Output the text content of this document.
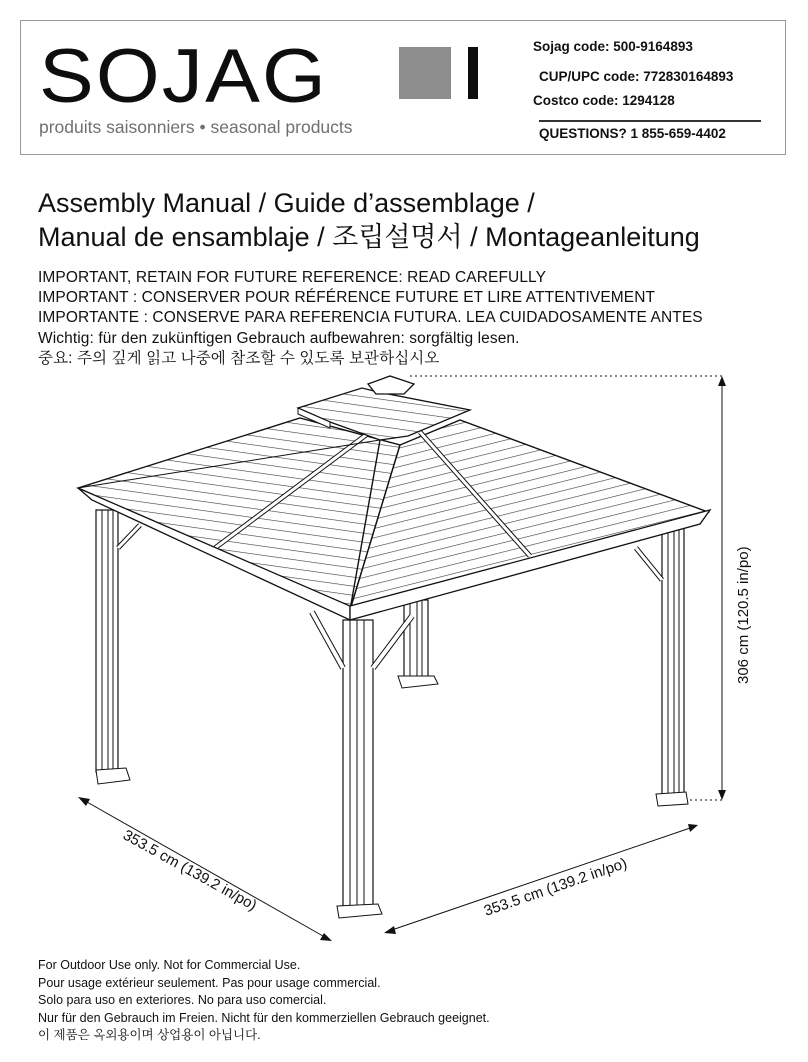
SOJAG
produits saisonniers • seasonal products
Sojag code: 500-9164893
CUP/UPC code: 772830164893
Costco code: 1294128
QUESTIONS? 1 855-659-4402
Assembly Manual / Guide d’assemblage /
Manual de ensamblaje / 조립설명서 / Montageanleitung
IMPORTANT, RETAIN FOR FUTURE REFERENCE: READ CAREFULLY
IMPORTANT : CONSERVER POUR RÉFÉRENCE FUTURE ET LIRE ATTENTIVEMENT
IMPORTANTE : CONSERVE PARA REFERENCIA FUTURA. LEA CUIDADOSAMENTE ANTES
Wichtig: für den zukünftigen Gebrauch aufbewahren: sorgfältig lesen.
중요: 주의 깊게 읽고 나중에 참조할 수 있도록 보관하십시오
306 cm (120.5 in/po)
353.5 cm (139.2 in/po)	353.5 cm (139.2 in/po)
For Outdoor Use only. Not for Commercial Use.
Pour usage extérieur seulement. Pas pour usage commercial.
Solo para uso en exteriores. No para uso comercial.
Nur für den Gebrauch im Freien. Nicht für den kommerziellen Gebrauch geeignet.
이 제품은 옥외용이며 상업용이 아닙니다.
